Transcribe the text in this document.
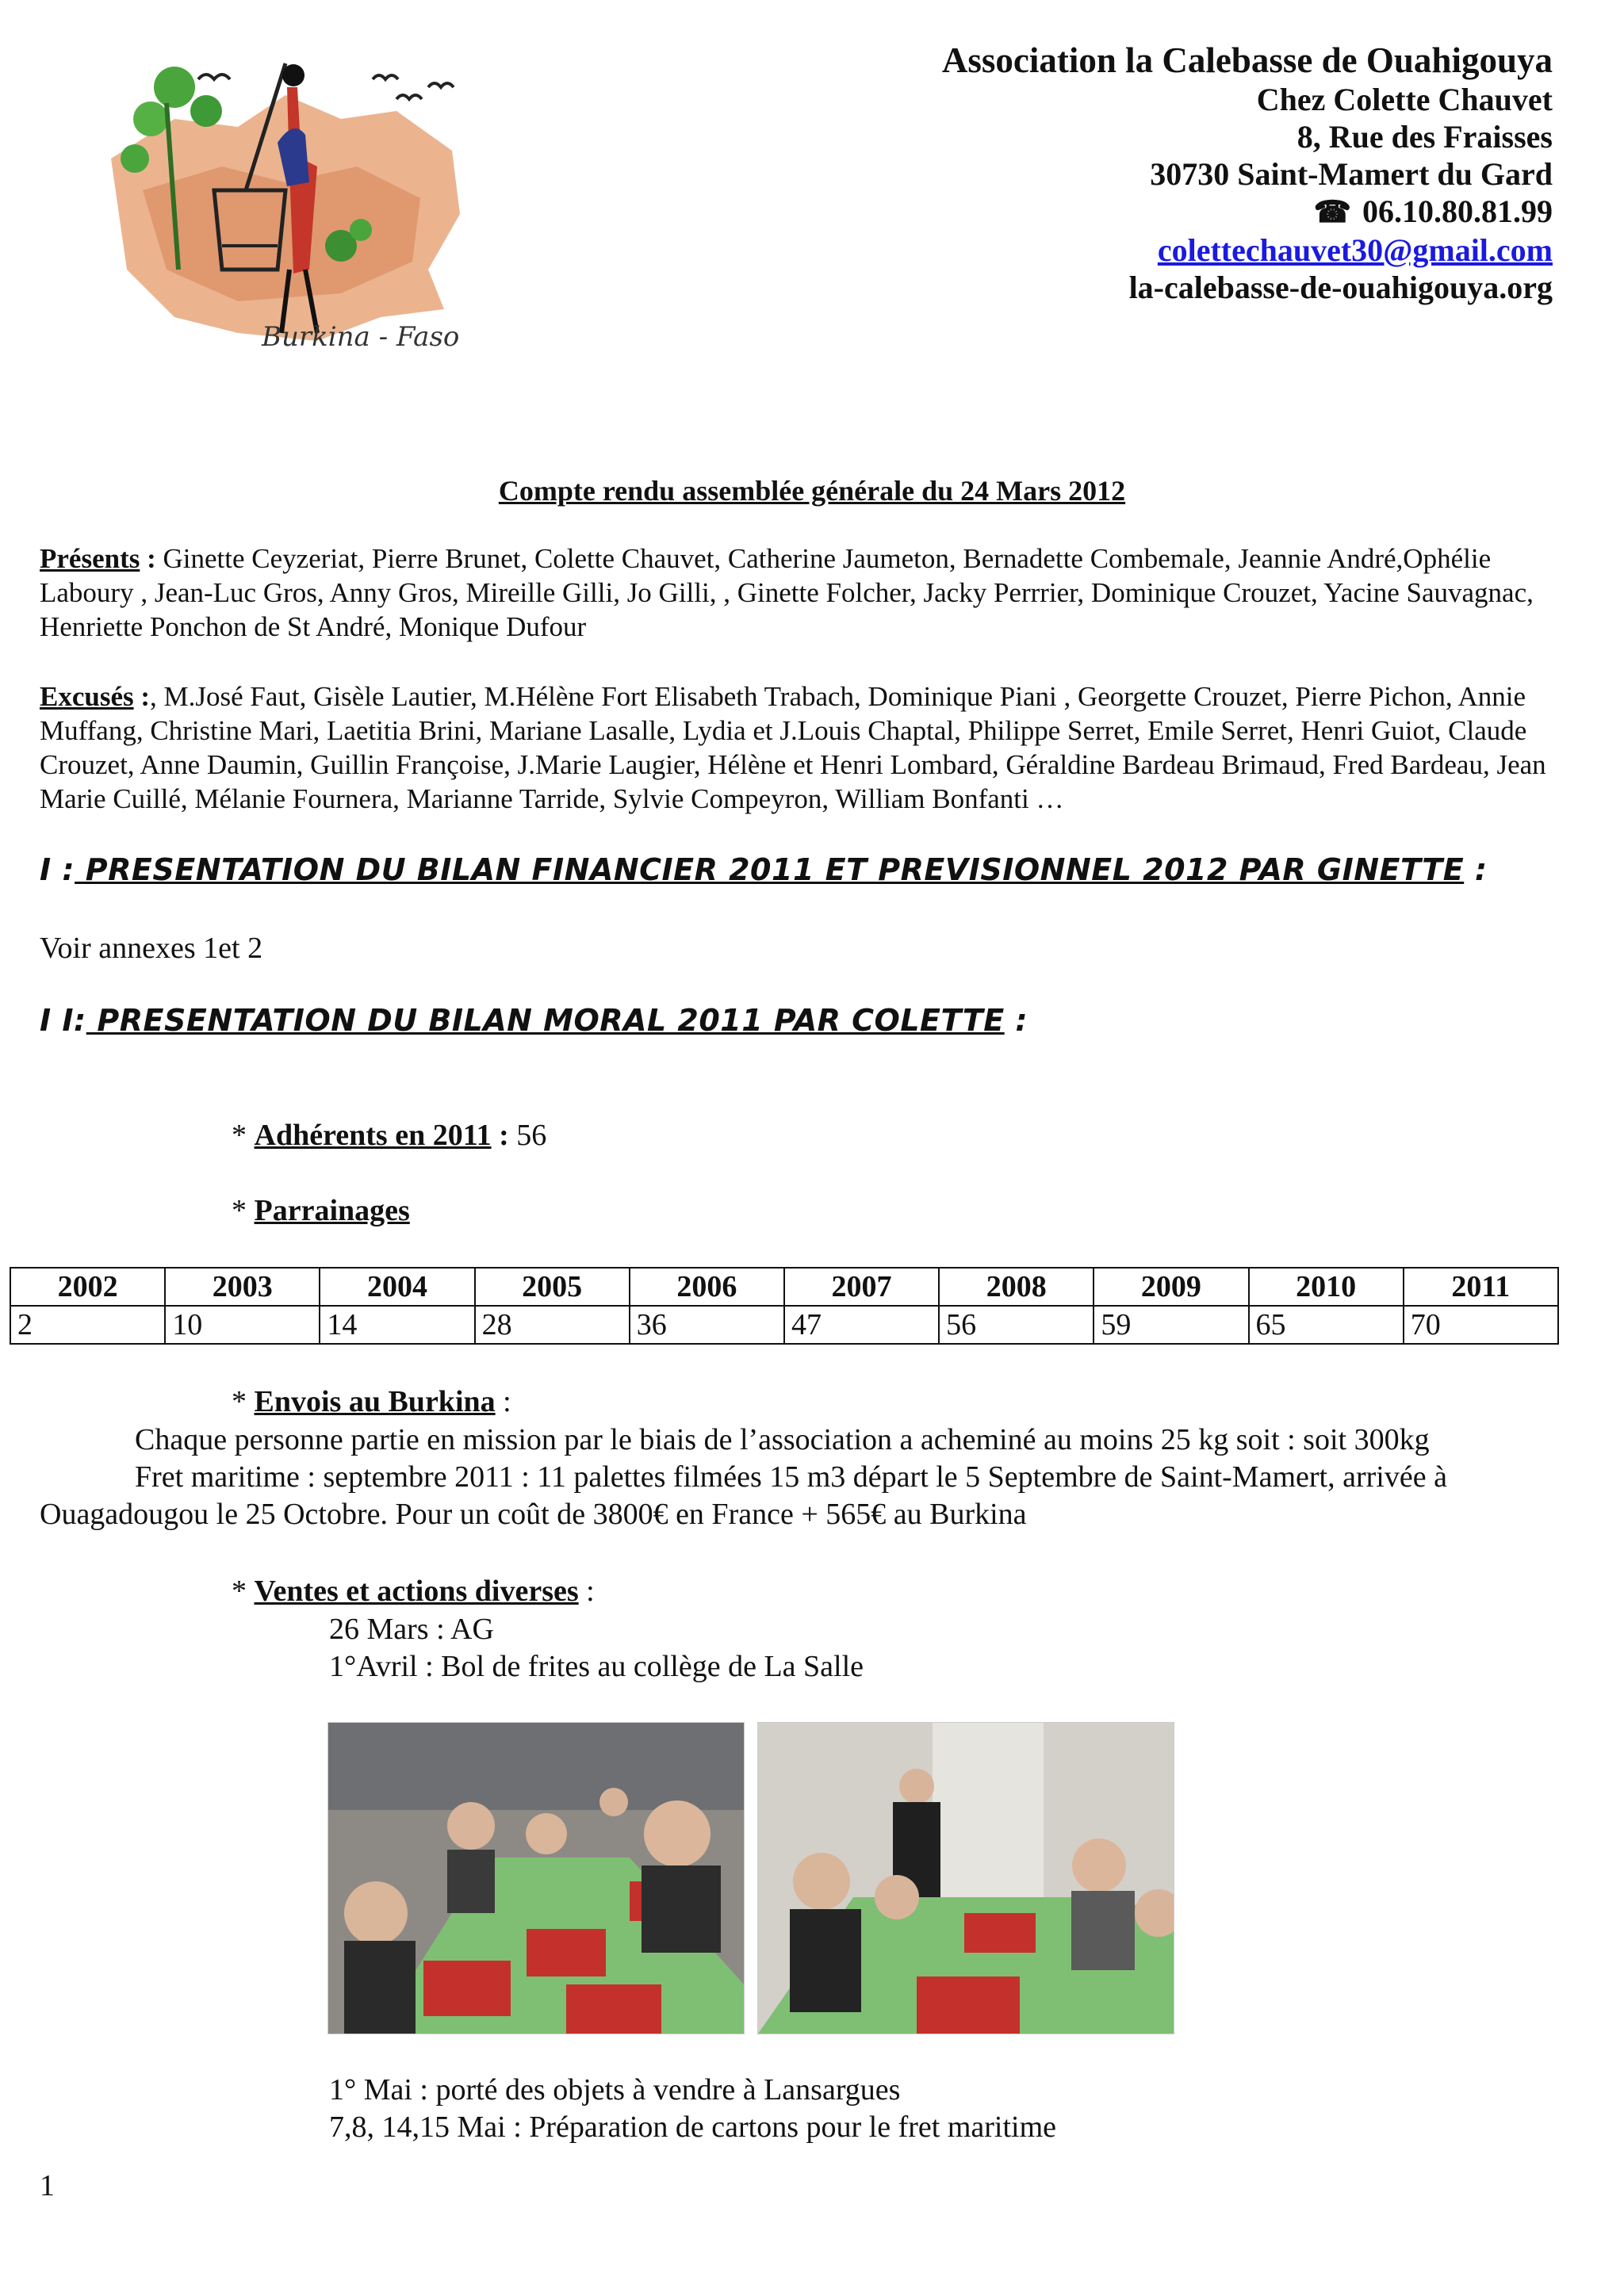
Burkina - Faso
Association la Calebasse de Ouahigouya
Chez Colette Chauvet
8, Rue des Fraisses
30730 Saint-Mamert du Gard
☎ 06.10.80.81.99
colettechauvet30@gmail.com
la-calebasse-de-ouahigouya.org
Compte rendu assemblée générale du 24 Mars 2012
Présents : Ginette Ceyzeriat, Pierre Brunet, Colette Chauvet, Catherine Jaumeton, Bernadette Combemale, Jeannie André,Ophélie Laboury , Jean-Luc Gros, Anny Gros, Mireille Gilli, Jo Gilli, , Ginette Folcher, Jacky Perrrier, Dominique Crouzet, Yacine Sauvagnac, Henriette Ponchon de St André, Monique Dufour
Excusés :, M.José Faut, Gisèle Lautier, M.Hélène Fort Elisabeth Trabach, Dominique Piani , Georgette Crouzet, Pierre Pichon, Annie Muffang, Christine Mari, Laetitia Brini, Mariane Lasalle, Lydia et J.Louis Chaptal, Philippe Serret, Emile Serret, Henri Guiot, Claude Crouzet, Anne Daumin, Guillin Françoise, J.Marie Laugier, Hélène et Henri Lombard, Géraldine Bardeau Brimaud, Fred Bardeau, Jean Marie Cuillé, Mélanie Fournera, Marianne Tarride, Sylvie Compeyron, William Bonfanti …
I : PRESENTATION DU BILAN FINANCIER 2011 ET PREVISIONNEL 2012 PAR GINETTE :
Voir annexes 1et 2
I I: PRESENTATION DU BILAN MORAL 2011 PAR COLETTE :
* Adhérents en 2011 : 56
* Parrainages
2002	2003	2004	2005	2006	2007	2008	2009	2010	2011
2	10	14	28	36	47	56	59	65	70
* Envois au Burkina :
Chaque personne partie en mission par le biais de l’association a acheminé au moins 25 kg soit : soit 300kg
Fret maritime : septembre 2011 : 11 palettes filmées 15 m3 départ le 5 Septembre de Saint-Mamert, arrivée à
Ouagadougou le 25 Octobre. Pour un coût de 3800€ en France + 565€ au Burkina
* Ventes et actions diverses :
26 Mars : AG
1°Avril : Bol de frites au collège de La Salle
1° Mai : porté des objets à vendre à Lansargues
7,8, 14,15 Mai : Préparation de cartons pour le fret maritime
1
